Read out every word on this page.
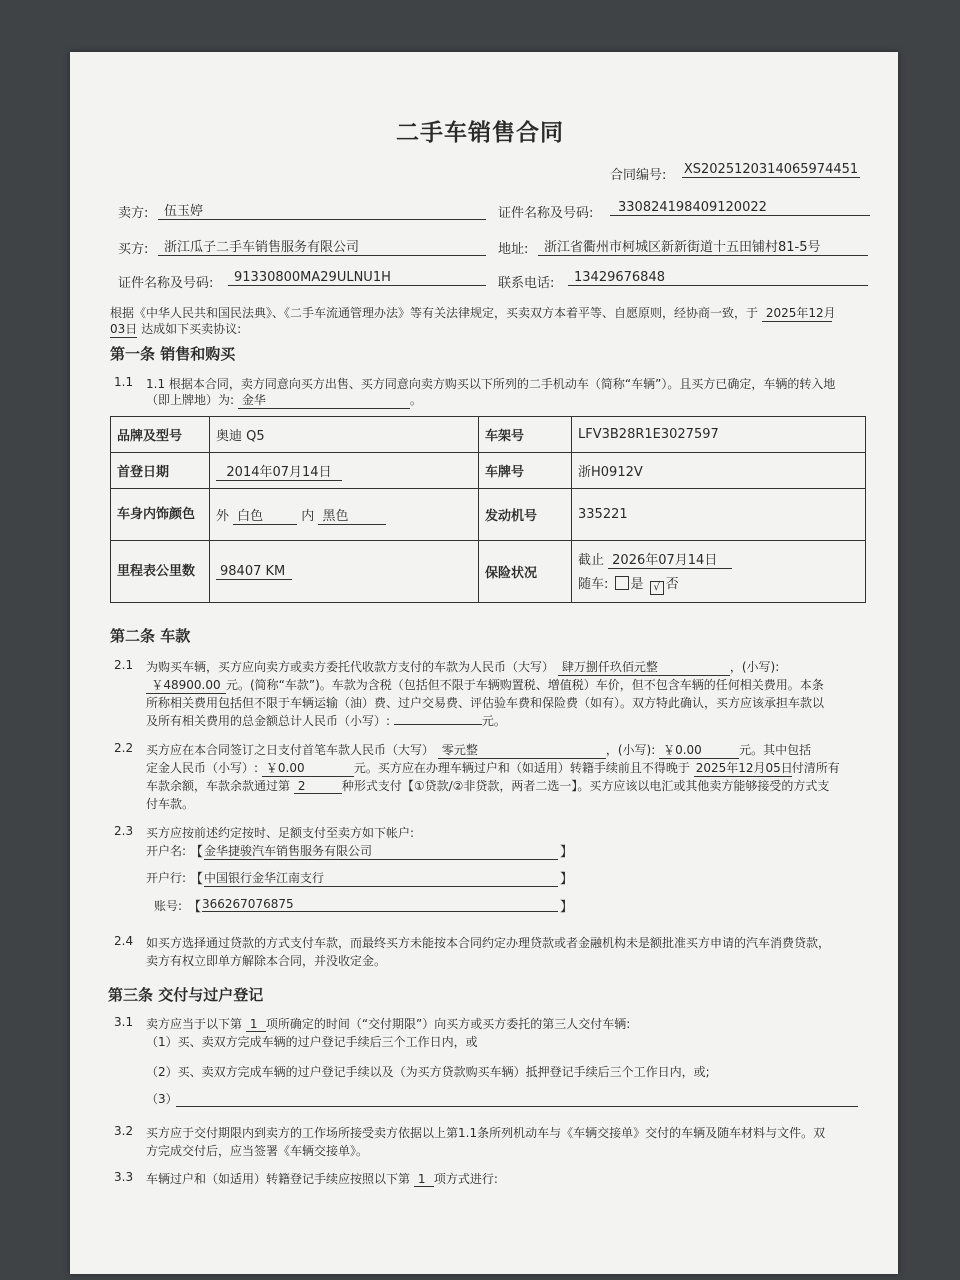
二手车销售合同
合同编号: XS2025120314065974451
卖方:	伍玉婷	证件名称及号码:	330824198409120022
买方:	浙江瓜子二手车销售服务有限公司	地址:	浙江省衢州市柯城区新新街道十五田铺村81-5号
证件名称及号码:	91330800MA29ULNU1H	联系电话:	13429676848
根据《中华人民共和国民法典》、《二手车流通管理办法》等有关法律规定，买卖双方本着平等、自愿原则，经协商一致，于 2025年12月
03日 达成如下买卖协议:
第一条 销售和购买
1.1 1.1 根据本合同，卖方同意向买方出售、买方同意向卖方购买以下所列的二手机动车（简称“车辆”）。且买方已确定，车辆的转入地
（即上牌地）为: 金华	。
品牌及型号	奥迪 Q5	车架号	LFV3B28R1E3027597
首登日期	2014年07月14日	车牌号	浙H0912V
车身内饰颜色	外 白色 内 黑色	发动机号	335221
里程表公里数	98407 KM	保险状况	截止 2026年07月14日
随车: 是 √ 否
第二条 车款
2.1 为购买车辆，买方应向卖方或卖方委托代收款方支付的车款为人民币（大写） 肆万捌仟玖佰元整	，(小写):
￥48900.00 元。(简称“车款”)。车款为含税（包括但不限于车辆购置税、增值税）车价，但不包含车辆的任何相关费用。本条
所称相关费用包括但不限于车辆运输（油）费、过户交易费、评估验车费和保险费（如有）。双方特此确认，买方应该承担车款以
及所有相关费用的总金额总计人民币（小写）:	元。
2.2 买方应在本合同签订之日支付首笔车款人民币（大写） 零元整	，(小写): ￥0.00	元。其中包括
定金人民币（小写）: ￥0.00	元。买方应在办理车辆过户和（如适用）转籍手续前且不得晚于 2025年12月05日付清所有
车款余额，车款余款通过第 2	种形式支付【①贷款/②非贷款，两者二选一】。买方应该以电汇或其他卖方能够接受的方式支
付车款。
2.3 买方应按前述约定按时、足额支付至卖方如下帐户:
开户名: 【 金华捷骏汽车销售服务有限公司	】
开户行: 【 中国银行金华江南支行	】
账号: 【 366267076875	】
2.4 如买方选择通过贷款的方式支付车款，而最终买方未能按本合同约定办理贷款或者金融机构未是额批准买方申请的汽车消费贷款，
卖方有权立即单方解除本合同，并没收定金。
第三条 交付与过户登记
3.1 卖方应当于以下第 1 项所确定的时间（“交付期限”）向买方或买方委托的第三人交付车辆:
（1）买、卖双方完成车辆的过户登记手续后三个工作日内，或
（2）买、卖双方完成车辆的过户登记手续以及（为买方贷款购买车辆）抵押登记手续后三个工作日内，或;
（3）
3.2 买方应于交付期限内到卖方的工作场所接受卖方依据以上第1.1条所列机动车与《车辆交接单》交付的车辆及随车材料与文件。双
方完成交付后，应当签署《车辆交接单》。
3.3 车辆过户和（如适用）转籍登记手续应按照以下第 1 项方式进行:
